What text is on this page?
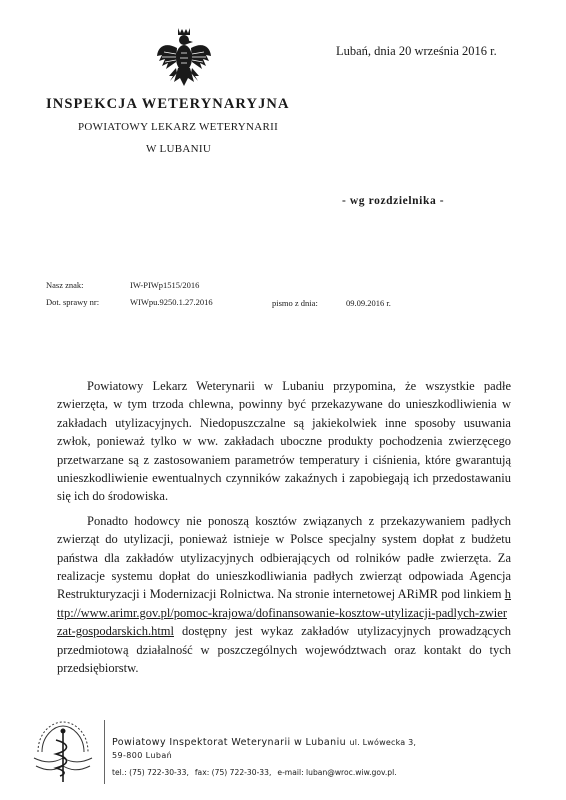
Lubań, dnia 20 września 2016 r.
INSPEKCJA WETERYNARYJNA
POWIATOWY LEKARZ WETERYNARII
W LUBANIU
- wg rozdzielnika -
Nasz znak:	IW-PIWp1515/2016
Dot. sprawy nr:	WIWpu.9250.1.27.2016	pismo z dnia:	09.09.2016 r.

Powiatowy Lekarz Weterynarii w Lubaniu przypomina, że wszystkie padłe zwierzęta, w tym trzoda chlewna, powinny być przekazywane do unieszkodliwienia w zakładach utylizacyjnych. Niedopuszczalne są jakiekolwiek inne sposoby usuwania zwłok, ponieważ tylko w ww. zakładach uboczne produkty pochodzenia zwierzęcego przetwarzane są z zastosowaniem parametrów temperatury i ciśnienia, które gwarantują unieszkodliwienie ewentualnych czynników zakaźnych i zapobiegają ich przedostawaniu się ich do środowiska.

Ponadto hodowcy nie ponoszą kosztów związanych z przekazywaniem padłych zwierząt do utylizacji, ponieważ istnieje w Polsce specjalny system dopłat z budżetu państwa dla zakładów utylizacyjnych odbierających od rolników padłe zwierzęta. Za realizacje systemu dopłat do unieszkodliwiania padłych zwierząt odpowiada Agencja Restrukturyzacji i Modernizacji Rolnictwa. Na stronie internetowej ARiMR pod linkiem http://www.arimr.gov.pl/pomoc-krajowa/dofinansowanie-kosztow-utylizacji-padlych-zwierzat-gospodarskich.html dostępny jest wykaz zakładów utylizacyjnych prowadzących przedmiotową działalność w poszczególnych województwach oraz kontakt do tych przedsiębiorstw.

Powiatowy Inspektorat Weterynarii w Lubaniu ul. Lwówecka 3,
59-800 Lubań
tel.: (75) 722-30-33, fax: (75) 722-30-33, e-mail: luban@wroc.wiw.gov.pl.
